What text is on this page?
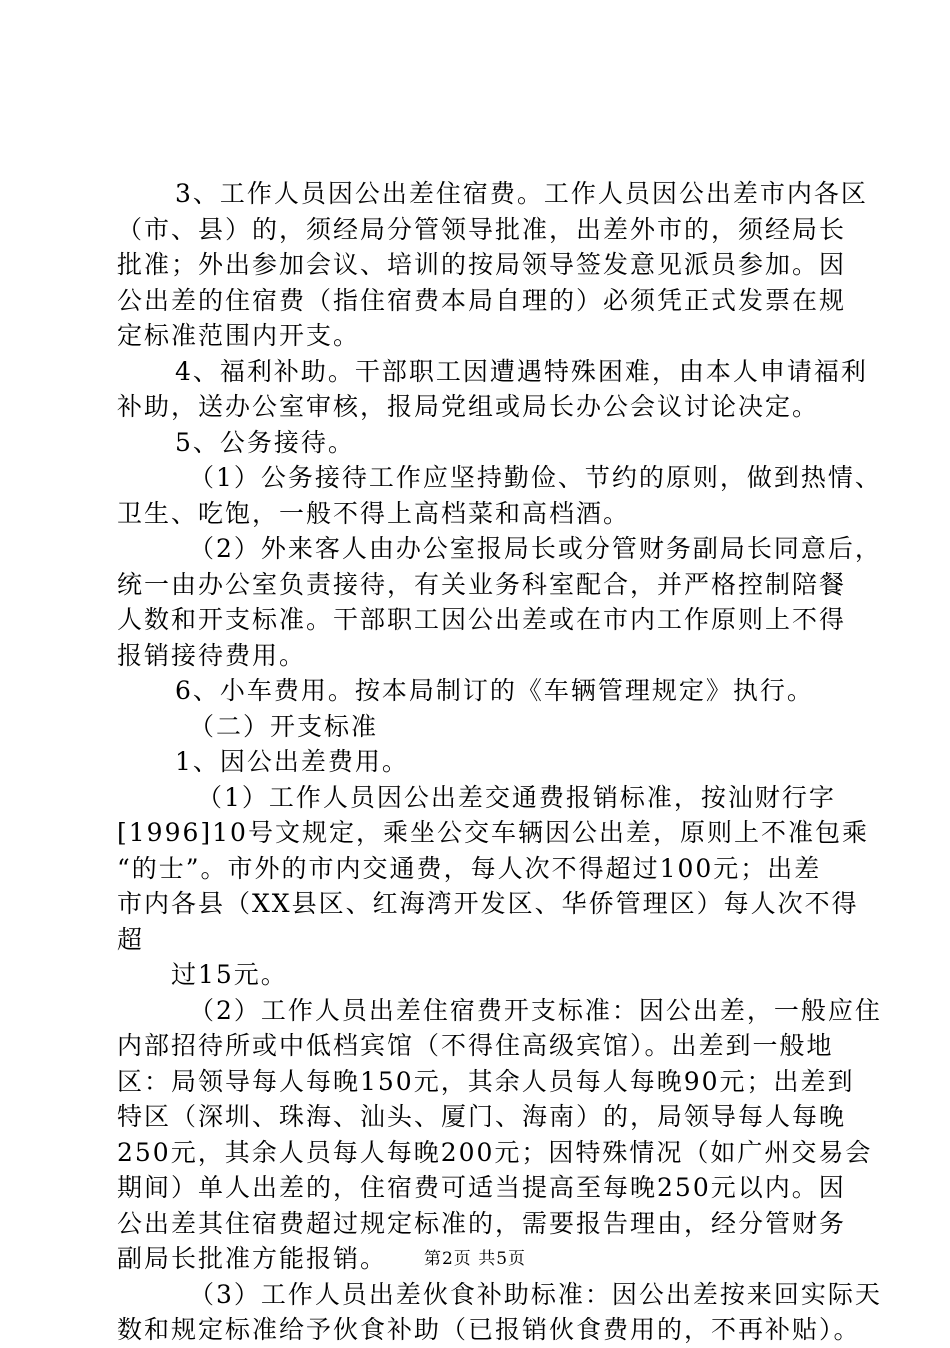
3、工作人员因公出差住宿费。工作人员因公出差市内各区
（市、县）的，须经局分管领导批准，出差外市的，须经局长
批准；外出参加会议、培训的按局领导签发意见派员参加。因
公出差的住宿费（指住宿费本局自理的）必须凭正式发票在规
定标准范围内开支。
4、福利补助。干部职工因遭遇特殊困难，由本人申请福利
补助，送办公室审核，报局党组或局长办公会议讨论决定。
5、公务接待。
（1）公务接待工作应坚持勤俭、节约的原则，做到热情、
卫生、吃饱，一般不得上高档菜和高档酒。
（2）外来客人由办公室报局长或分管财务副局长同意后，
统一由办公室负责接待，有关业务科室配合，并严格控制陪餐
人数和开支标准。干部职工因公出差或在市内工作原则上不得
报销接待费用。
6、小车费用。按本局制订的《车辆管理规定》执行。
（二）开支标准
1、因公出差费用。
（1）工作人员因公出差交通费报销标准，按汕财行字
[1996]10号文规定，乘坐公交车辆因公出差，原则上不准包乘
“的士”。市外的市内交通费，每人次不得超过100元；出差
市内各县（XX县区、红海湾开发区、华侨管理区）每人次不得
超
过15元。
（2）工作人员出差住宿费开支标准：因公出差，一般应住
内部招待所或中低档宾馆（不得住高级宾馆）。出差到一般地
区：局领导每人每晚150元，其余人员每人每晚90元；出差到
特区（深圳、珠海、汕头、厦门、海南）的，局领导每人每晚
250元，其余人员每人每晚200元；因特殊情况（如广州交易会
期间）单人出差的，住宿费可适当提高至每晚250元以内。因
公出差其住宿费超过规定标准的，需要报告理由，经分管财务
副局长批准方能报销。
（3）工作人员出差伙食补助标准：因公出差按来回实际天
数和规定标准给予伙食补助（已报销伙食费用的，不再补贴）。
第2页 共5页
